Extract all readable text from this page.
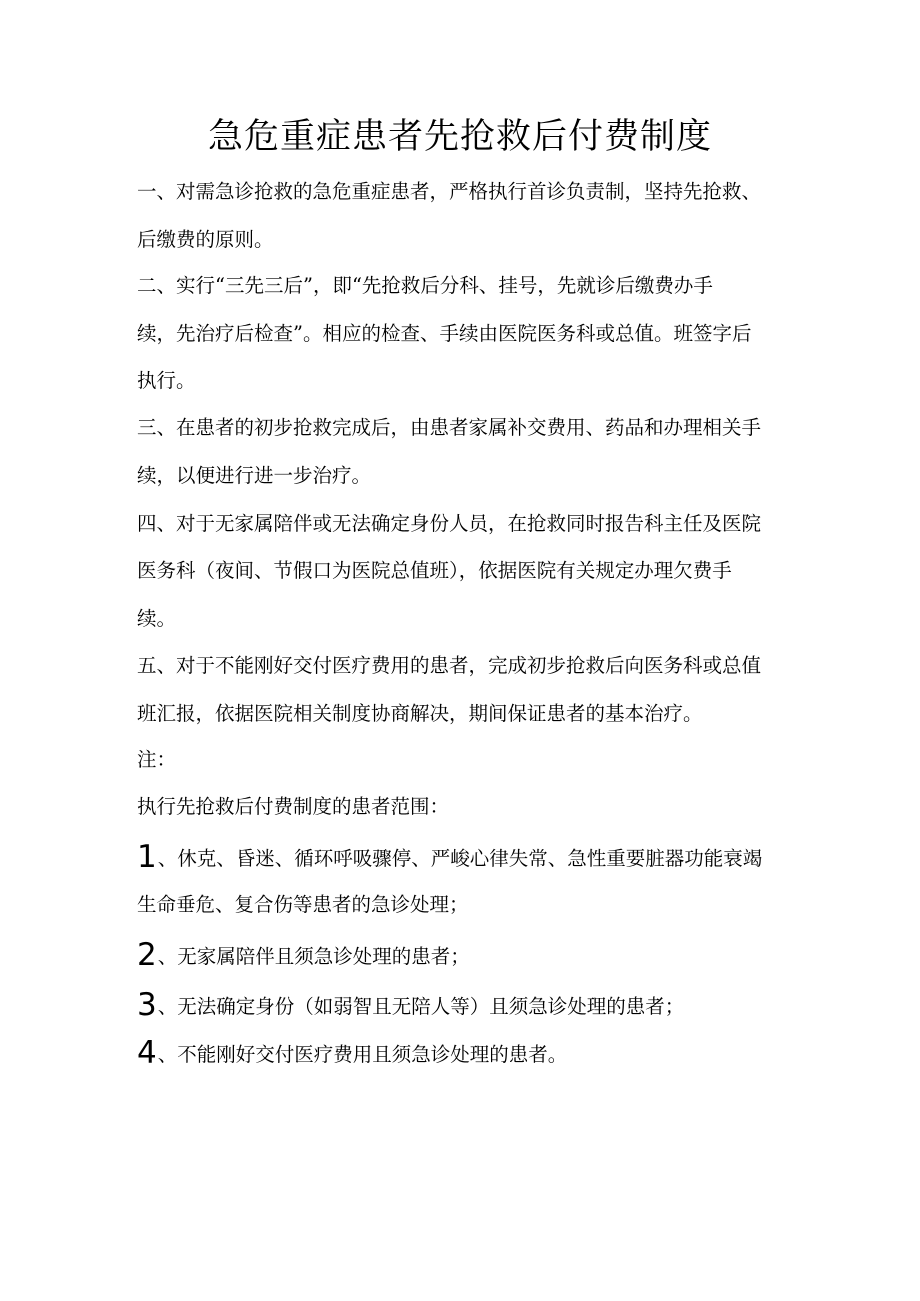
急危重症患者先抢救后付费制度

一、对需急诊抢救的急危重症患者，严格执行首诊负责制，坚持先抢救、

后缴费的原则。

二、实行“三先三后”，即“先抢救后分科、挂号，先就诊后缴费办手

续，先治疗后检查”。相应的检查、手续由医院医务科或总值。班签字后

执行。

三、在患者的初步抢救完成后，由患者家属补交费用、药品和办理相关手

续，以便进行进一步治疗。

四、对于无家属陪伴或无法确定身份人员，在抢救同时报告科主任及医院

医务科（夜间、节假口为医院总值班），依据医院有关规定办理欠费手

续。

五、对于不能刚好交付医疗费用的患者，完成初步抢救后向医务科或总值

班汇报，依据医院相关制度协商解决，期间保证患者的基本治疗。

注：

执行先抢救后付费制度的患者范围：

1、休克、昏迷、循环呼吸骤停、严峻心律失常、急性重要脏器功能衰竭

生命垂危、复合伤等患者的急诊处理；

2、无家属陪伴且须急诊处理的患者；

3、无法确定身份（如弱智且无陪人等）且须急诊处理的患者；

4、不能刚好交付医疗费用且须急诊处理的患者。
